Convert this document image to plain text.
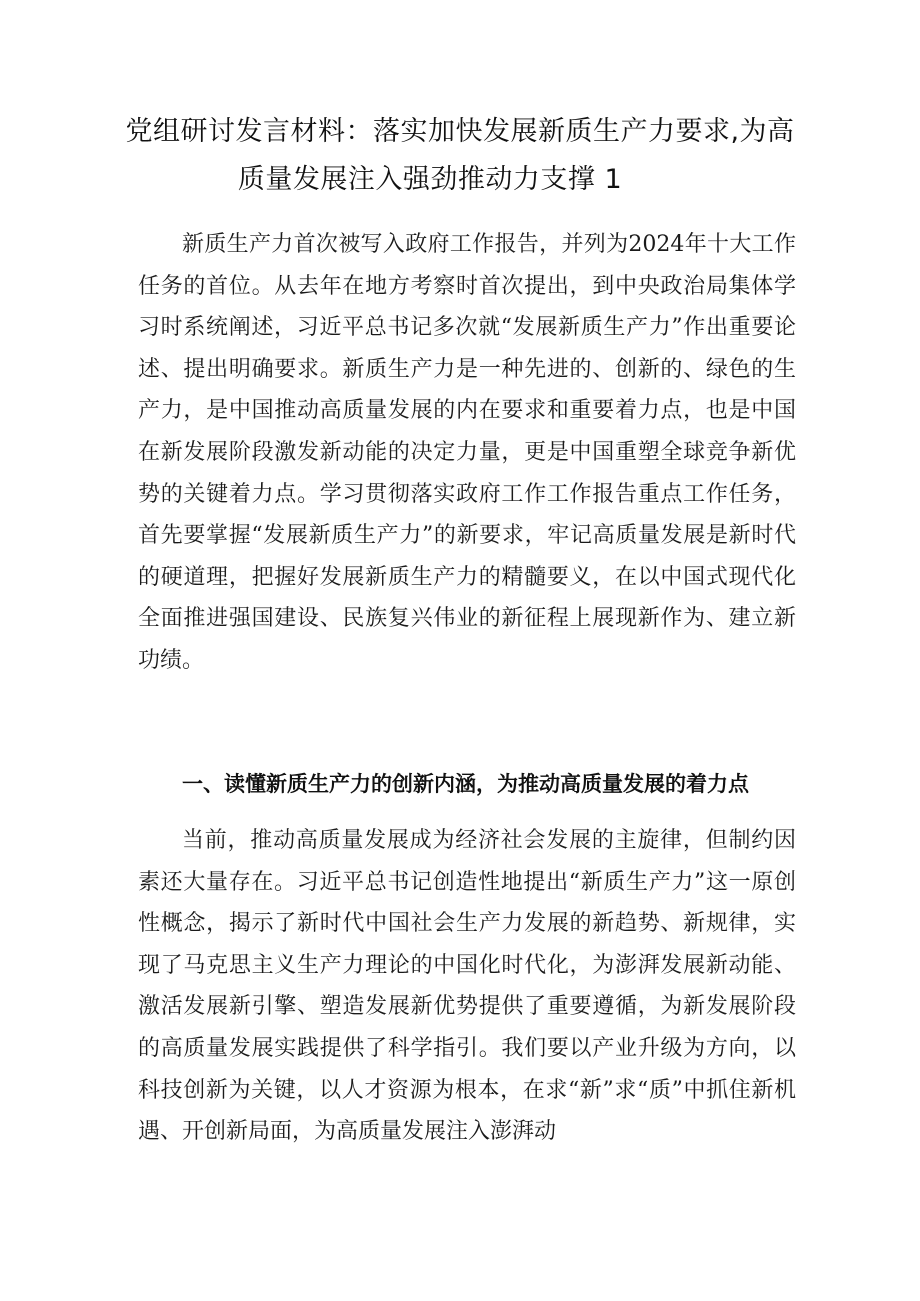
党组研讨发言材料：落实加快发展新质生产力要求,为高
质量发展注入强劲推动力支撑 1

新质生产力首次被写入政府工作报告，并列为2024年十大工作任务的首位。从去年在地方考察时首次提出，到中央政治局集体学习时系统阐述，习近平总书记多次就“发展新质生产力”作出重要论述、提出明确要求。新质生产力是一种先进的、创新的、绿色的生产力，是中国推动高质量发展的内在要求和重要着力点，也是中国在新发展阶段激发新动能的决定力量，更是中国重塑全球竞争新优势的关键着力点。学习贯彻落实政府工作工作报告重点工作任务，首先要掌握“发展新质生产力”的新要求，牢记高质量发展是新时代的硬道理，把握好发展新质生产力的精髓要义，在以中国式现代化全面推进强国建设、民族复兴伟业的新征程上展现新作为、建立新功绩。

一、读懂新质生产力的创新内涵，为推动高质量发展的着力点

当前，推动高质量发展成为经济社会发展的主旋律，但制约因素还大量存在。习近平总书记创造性地提出“新质生产力”这一原创性概念，揭示了新时代中国社会生产力发展的新趋势、新规律，实现了马克思主义生产力理论的中国化时代化，为澎湃发展新动能、激活发展新引擎、塑造发展新优势提供了重要遵循，为新发展阶段的高质量发展实践提供了科学指引。我们要以产业升级为方向，以科技创新为关键，以人才资源为根本，在求“新”求“质”中抓住新机遇、开创新局面，为高质量发展注入澎湃动
